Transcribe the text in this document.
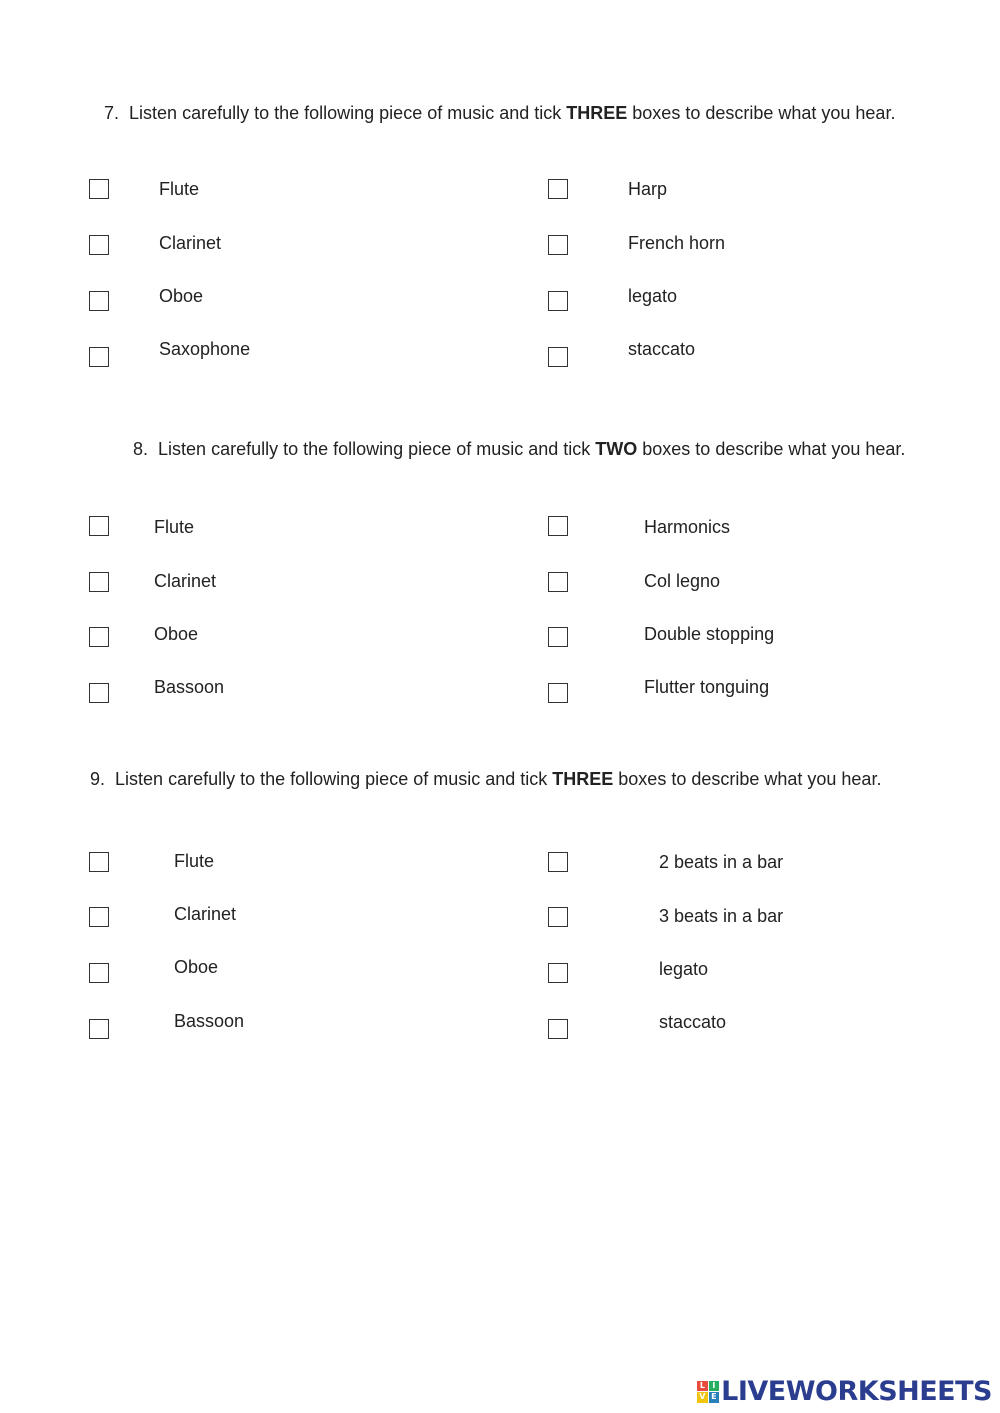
7. Listen carefully to the following piece of music and tick THREE boxes to describe what you hear.
Flute
Clarinet
Oboe
Saxophone
Harp
French horn
legato
staccato
8. Listen carefully to the following piece of music and tick TWO boxes to describe what you hear.
Flute
Clarinet
Oboe
Bassoon
Harmonics
Col legno
Double stopping
Flutter tonguing
9. Listen carefully to the following piece of music and tick THREE boxes to describe what you hear.
Flute
Clarinet
Oboe
Bassoon
2 beats in a bar
3 beats in a bar
legato
staccato
L I
V E LIVEWORKSHEETS
